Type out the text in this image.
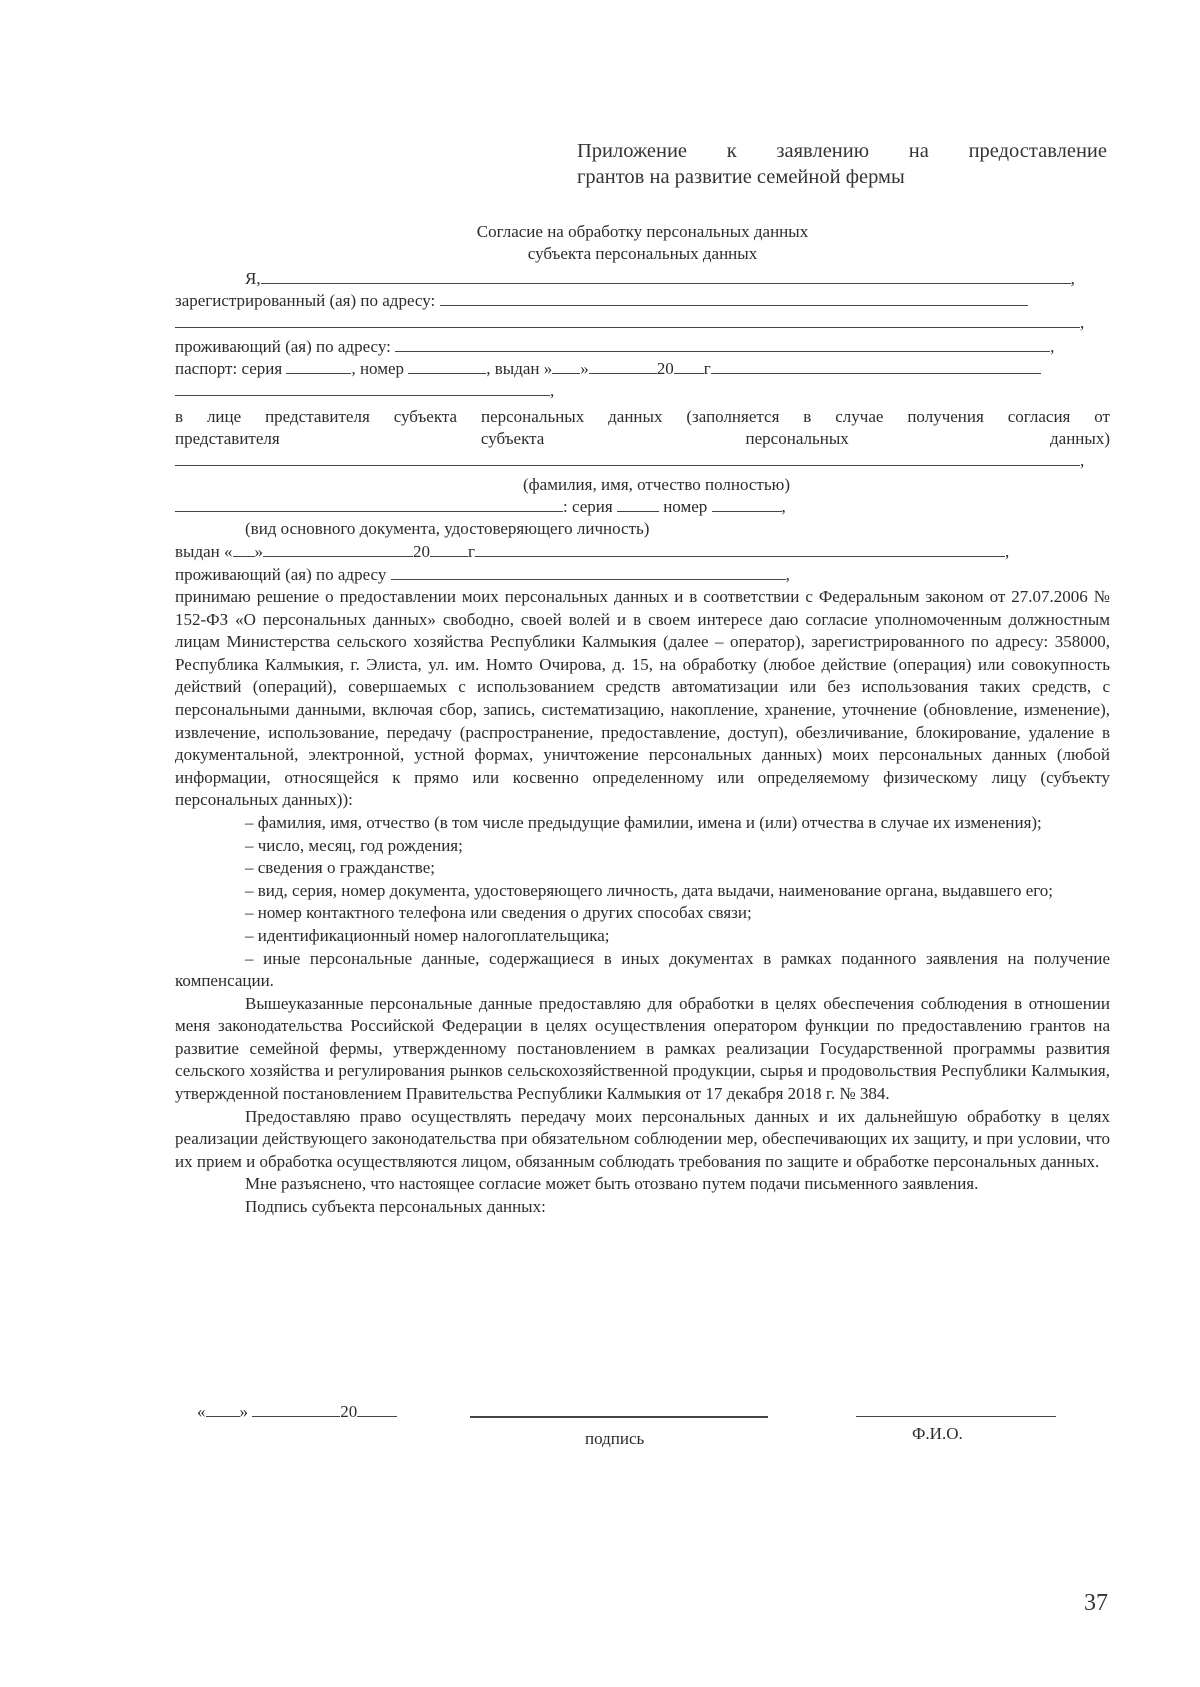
Приложение к заявлению на предоставление
грантов на развитие семейной фермы
Согласие на обработку персональных данных
субъекта персональных данных
Я,	,
зарегистрированный (ая) по адресу:
,
проживающий (ая) по адресу:	,
паспорт: серия	, номер	, выдан » »	20 г
,
в лице представителя субъекта персональных данных (заполняется в случае получения согласия от
представителя субъекта персональных данных)
,
(фамилия, имя, отчество полностью)
: серия	номер	,
(вид основного документа, удостоверяющего личность)
выдан « »	20 г	,
проживающий (ая) по адресу	,

принимаю решение о предоставлении моих персональных данных и в соответствии с Федеральным законом от 27.07.2006 № 152-ФЗ «О персональных данных» свободно, своей волей и в своем интересе даю согласие уполномоченным должностным лицам Министерства сельского хозяйства Республики Калмыкия (далее – оператор), зарегистрированного по адресу: 358000, Республика Калмыкия, г. Элиста, ул. им. Номто Очирова, д. 15, на обработку (любое действие (операция) или совокупность действий (операций), совершаемых с использованием средств автоматизации или без использования таких средств, с персональными данными, включая сбор, запись, систематизацию, накопление, хранение, уточнение (обновление, изменение), извлечение, использование, передачу (распространение, предоставление, доступ), обезличивание, блокирование, удаление в документальной, электронной, устной формах, уничтожение персональных данных) моих персональных данных (любой информации, относящейся к прямо или косвенно определенному или определяемому физическому лицу (субъекту персональных данных)):

– фамилия, имя, отчество (в том числе предыдущие фамилии, имена и (или) отчества в случае их изменения);

– число, месяц, год рождения;

– сведения о гражданстве;

– вид, серия, номер документа, удостоверяющего личность, дата выдачи, наименование органа, выдавшего его;

– номер контактного телефона или сведения о других способах связи;

– идентификационный номер налогоплательщика;

– иные персональные данные, содержащиеся в иных документах в рамках поданного заявления на получение компенсации.

Вышеуказанные персональные данные предоставляю для обработки в целях обеспечения соблюдения в отношении меня законодательства Российской Федерации в целях осуществления оператором функции по предоставлению грантов на развитие семейной фермы, утвержденному постановлением в рамках реализации Государственной программы развития сельского хозяйства и регулирования рынков сельскохозяйственной продукции, сырья и продовольствия Республики Калмыкия, утвержденной постановлением Правительства Республики Калмыкия от 17 декабря 2018 г. № 384.

Предоставляю право осуществлять передачу моих персональных данных и их дальнейшую обработку в целях реализации действующего законодательства при обязательном соблюдении мер, обеспечивающих их защиту, и при условии, что их прием и обработка осуществляются лицом, обязанным соблюдать требования по защите и обработке персональных данных.

Мне разъяснено, что настоящее согласие может быть отозвано путем подачи письменного заявления.

Подпись субъекта персональных данных:

« »	20
подпись	Ф.И.О.
37
